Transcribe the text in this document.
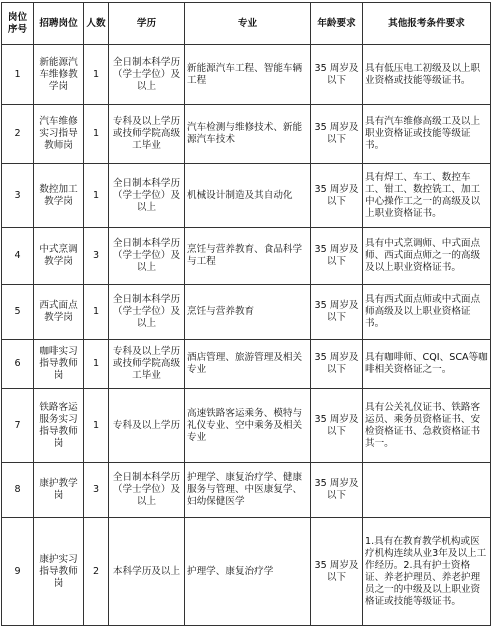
岗位序号	招聘岗位	人数	学历	专业	年龄要求	其他报考条件要求
1	新能源汽车维修教学岗	1	全日制本科学历（学士学位）及以上	新能源汽车工程、智能车辆工程	35 周岁及以下	具有低压电工初级及以上职业资格或技能等级证书。
2	汽车维修实习指导教师岗	1	专科及以上学历或技师学院高级工毕业	汽车检测与维修技术、新能源汽车技术	35 周岁及以下	具有汽车维修高级工及以上职业资格证或技能等级证书。
3	数控加工教学岗	1	全日制本科学历（学士学位）及以上	机械设计制造及其自动化	35 周岁及以下	具有焊工、车工、数控车工、钳工、数控铣工、加工中心操作工之一的高级及以上职业资格证书。
4	中式烹调教学岗	3	全日制本科学历（学士学位）及以上	烹饪与营养教育、食品科学与工程	35 周岁及以下	具有中式烹调师、中式面点师、西式面点师之一的高级及以上职业资格证书。
5	西式面点教学岗	1	全日制本科学历（学士学位）及以上	烹饪与营养教育	35 周岁及以下	具有西式面点师或中式面点师高级及以上职业资格证书。
6	咖啡实习指导教师岗	1	专科及以上学历或技师学院高级工毕业	酒店管理、旅游管理及相关专业	35 周岁及以下	具有咖啡师、CQI、SCA等咖啡相关资格证之一。
7	铁路客运服务实习指导教师岗	1	专科及以上学历	高速铁路客运乘务、模特与礼仪专业、空中乘务及相关专业	35 周岁及以下	具有公关礼仪证书、铁路客运员、乘务员资格证书、安检资格证书、急救资格证书其一。
8	康护教学岗	3	全日制本科学历（学士学位）及以上	护理学、康复治疗学、健康服务与管理、中医康复学、妇幼保健医学	35 周岁及以下	
9	康护实习指导教师岗	2	本科学历及以上	护理学、康复治疗学	35 周岁及以下	1.具有在教育教学机构或医疗机构连续从业3年及以上工作经历。2.具有护士资格证、养老护理员、养老护理员之一的中级及以上职业资格证或技能等级证书。
